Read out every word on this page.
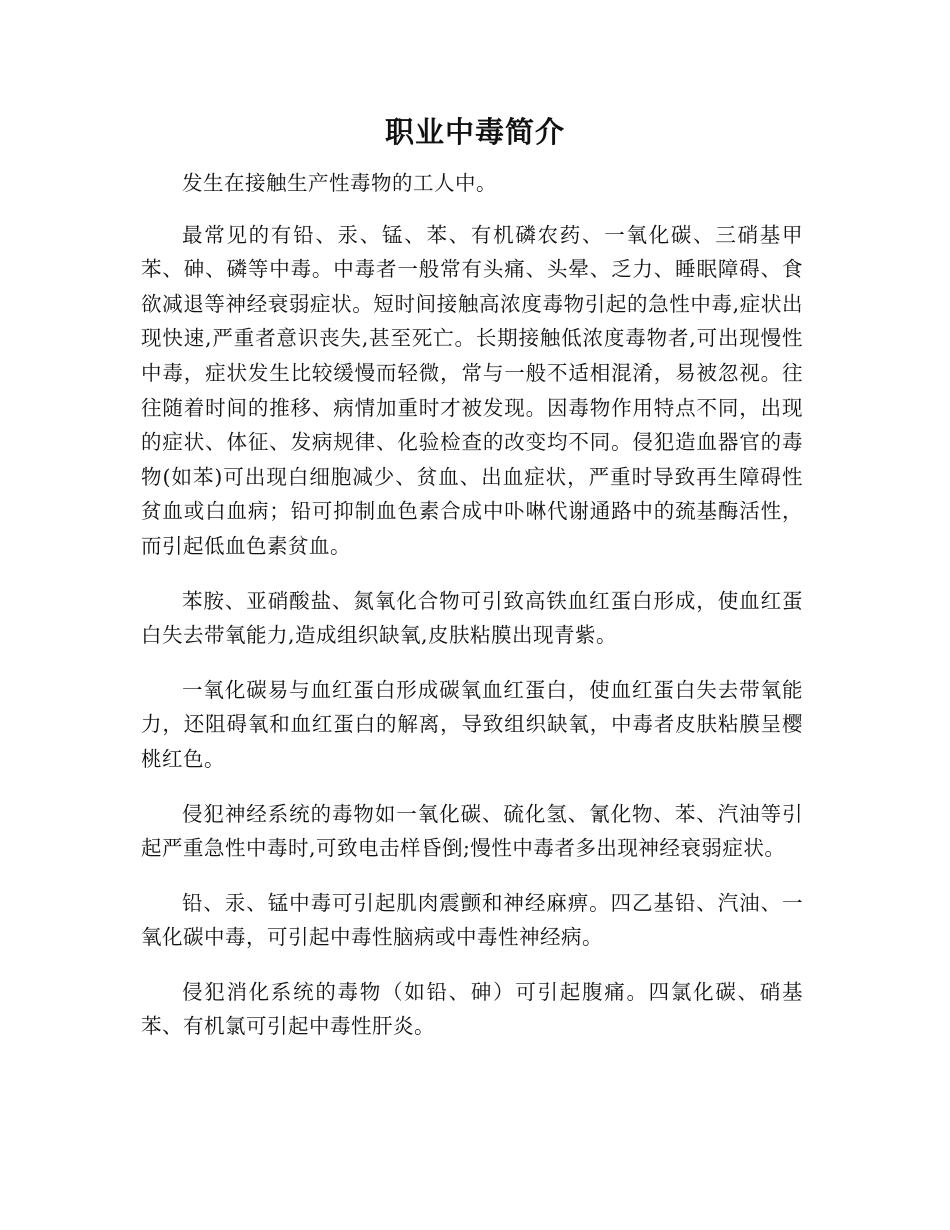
职业中毒简介

发生在接触生产性毒物的工人中。

最常见的有铅、汞、锰、苯、有机磷农药、一氧化碳、三硝基甲苯、砷、磷等中毒。中毒者一般常有头痛、头晕、乏力、睡眠障碍、食欲减退等神经衰弱症状。短时间接触高浓度毒物引起的急性中毒,症状出现快速,严重者意识丧失,甚至死亡。长期接触低浓度毒物者,可出现慢性中毒，症状发生比较缓慢而轻微，常与一般不适相混淆，易被忽视。往往随着时间的推移、病情加重时才被发现。因毒物作用特点不同，出现的症状、体征、发病规律、化验检查的改变均不同。侵犯造血器官的毒物(如苯)可出现白细胞减少、贫血、出血症状，严重时导致再生障碍性贫血或白血病；铅可抑制血色素合成中卟啉代谢通路中的巯基酶活性，而引起低血色素贫血。

苯胺、亚硝酸盐、氮氧化合物可引致高铁血红蛋白形成，使血红蛋白失去带氧能力,造成组织缺氧,皮肤粘膜出现青紫。

一氧化碳易与血红蛋白形成碳氧血红蛋白，使血红蛋白失去带氧能力，还阻碍氧和血红蛋白的解离，导致组织缺氧，中毒者皮肤粘膜呈樱桃红色。

侵犯神经系统的毒物如一氧化碳、硫化氢、氰化物、苯、汽油等引起严重急性中毒时,可致电击样昏倒;慢性中毒者多出现神经衰弱症状。

铅、汞、锰中毒可引起肌肉震颤和神经麻痹。四乙基铅、汽油、一氧化碳中毒，可引起中毒性脑病或中毒性神经病。

侵犯消化系统的毒物（如铅、砷）可引起腹痛。四氯化碳、硝基苯、有机氯可引起中毒性肝炎。
